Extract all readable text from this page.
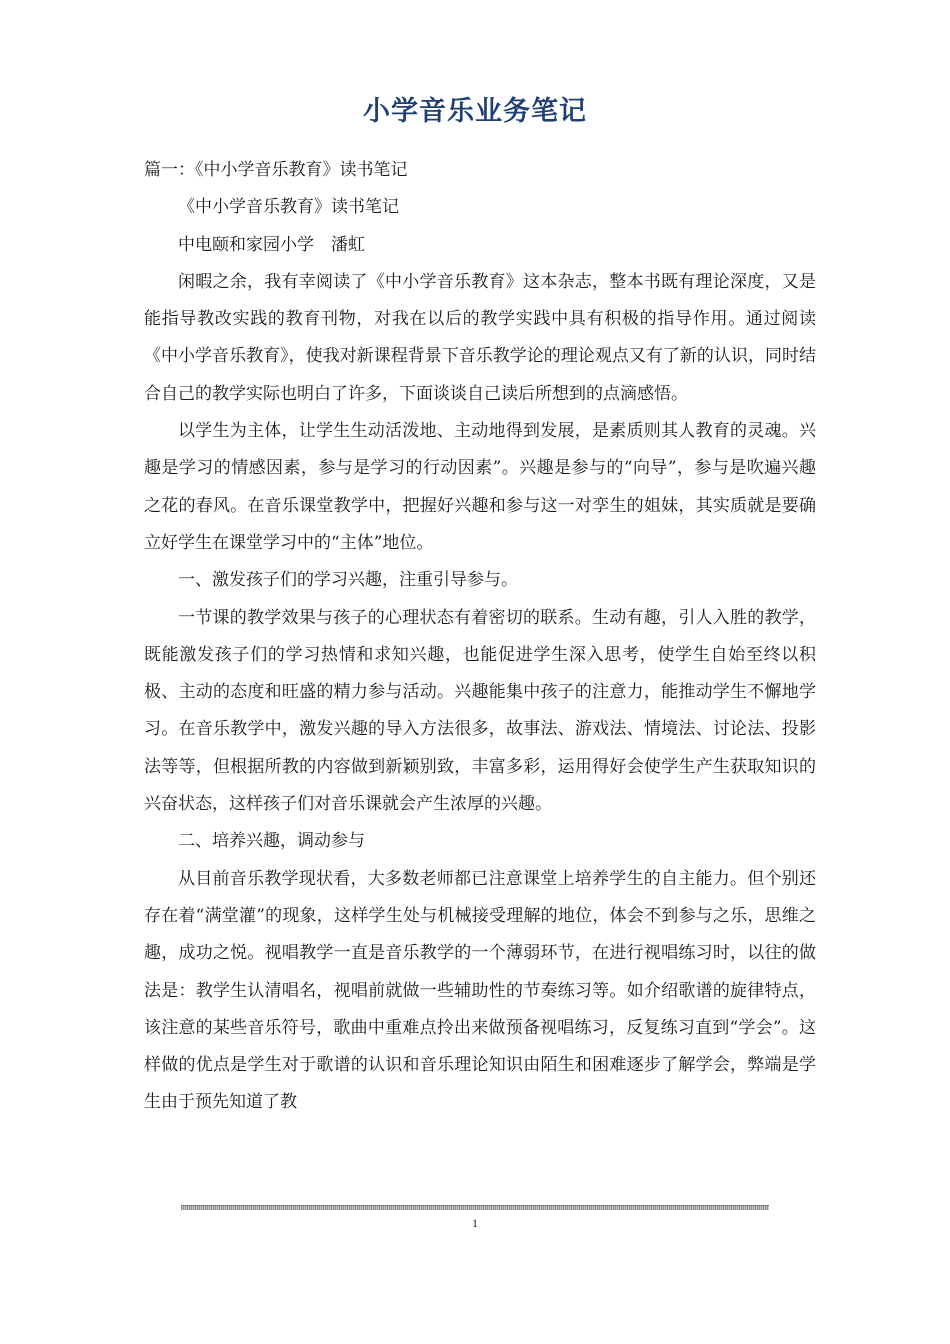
小学音乐业务笔记

篇一：《中小学音乐教育》读书笔记

《中小学音乐教育》读书笔记

中电颐和家园小学　潘虹

闲暇之余，我有幸阅读了《中小学音乐教育》这本杂志，整本书既有理论深度，又是能指导教改实践的教育刊物，对我在以后的教学实践中具有积极的指导作用。通过阅读《中小学音乐教育》，使我对新课程背景下音乐教学论的理论观点又有了新的认识，同时结合自己的教学实际也明白了许多，下面谈谈自己读后所想到的点滴感悟。

以学生为主体，让学生生动活泼地、主动地得到发展，是素质则其人教育的灵魂。兴趣是学习的情感因素，参与是学习的行动因素”。兴趣是参与的“向导”，参与是吹遍兴趣之花的春风。在音乐课堂教学中，把握好兴趣和参与这一对孪生的姐妹，其实质就是要确立好学生在课堂学习中的“主体”地位。

一、激发孩子们的学习兴趣，注重引导参与。

一节课的教学效果与孩子的心理状态有着密切的联系。生动有趣，引人入胜的教学，既能激发孩子们的学习热情和求知兴趣，也能促进学生深入思考，使学生自始至终以积极、主动的态度和旺盛的精力参与活动。兴趣能集中孩子的注意力，能推动学生不懈地学习。在音乐教学中，激发兴趣的导入方法很多，故事法、游戏法、情境法、讨论法、投影法等等，但根据所教的内容做到新颖别致，丰富多彩，运用得好会使学生产生获取知识的兴奋状态，这样孩子们对音乐课就会产生浓厚的兴趣。

二、培养兴趣，调动参与

从目前音乐教学现状看，大多数老师都已注意课堂上培养学生的自主能力。但个别还存在着“满堂灌”的现象，这样学生处与机械接受理解的地位，体会不到参与之乐，思维之趣，成功之悦。视唱教学一直是音乐教学的一个薄弱环节，在进行视唱练习时，以往的做法是：教学生认清唱名，视唱前就做一些辅助性的节奏练习等。如介绍歌谱的旋律特点，该注意的某些音乐符号，歌曲中重难点拎出来做预备视唱练习，反复练习直到“学会”。这样做的优点是学生对于歌谱的认识和音乐理论知识由陌生和困难逐步了解学会，弊端是学生由于预先知道了教

1
